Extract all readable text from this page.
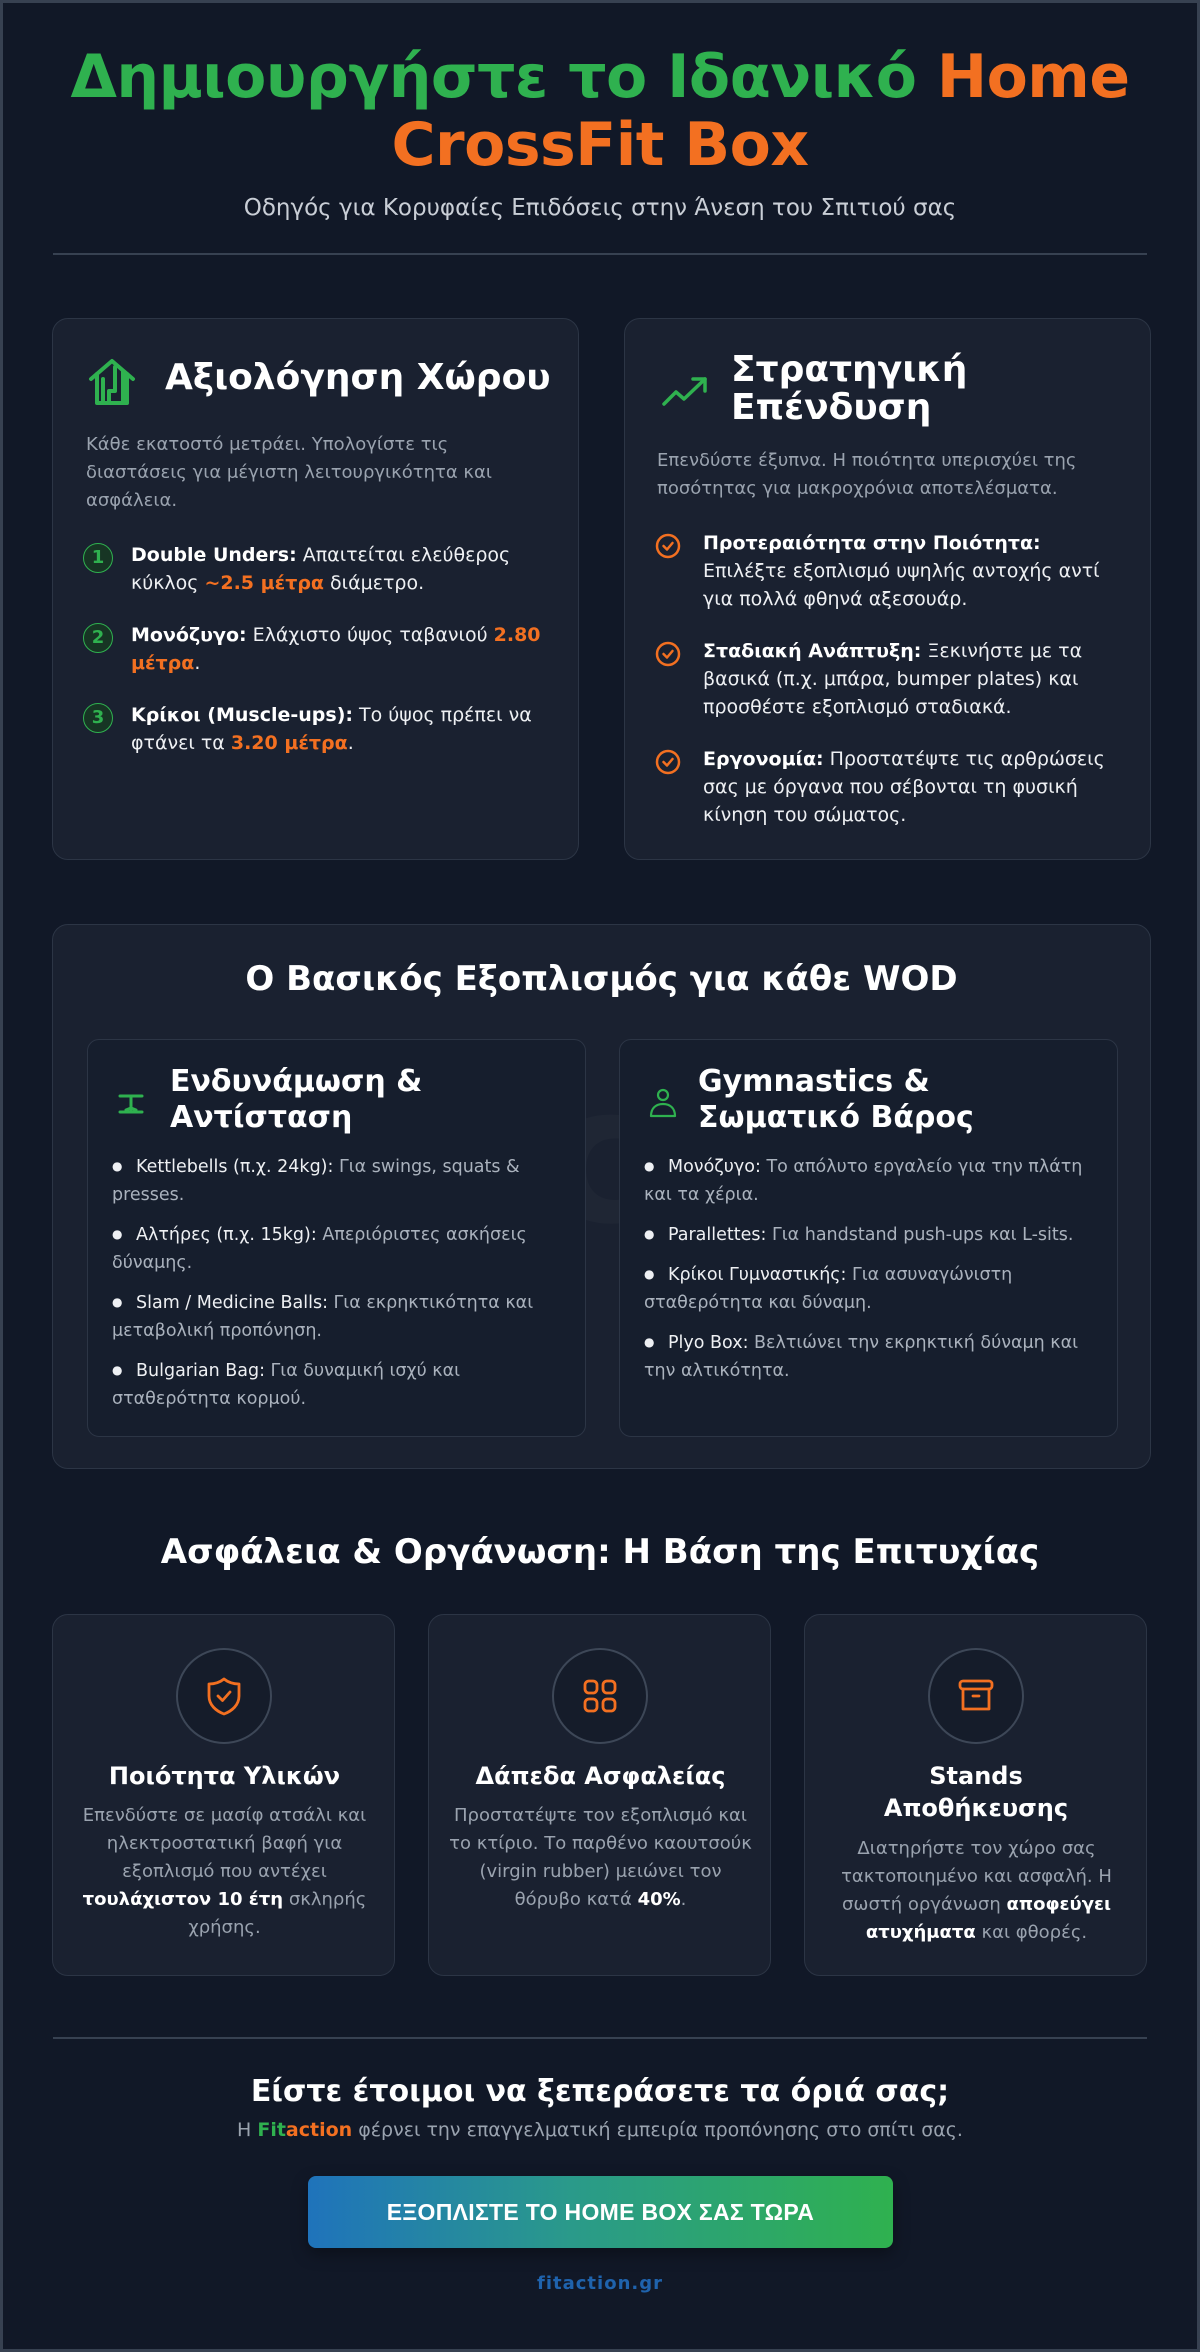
Δημιουργήστε το Ιδανικό Home
CrossFit Box
Οδηγός για Κορυφαίες Επιδόσεις στην Άνεση του Σπιτιού σας
Αξιολόγηση Χώρου
Κάθε εκατοστό μετράει. Υπολογίστε τις διαστάσεις για μέγιστη λειτουργικότητα και ασφάλεια.
1	Double Unders: Απαιτείται ελεύθερος κύκλος ~2.5 μέτρα διάμετρο.
2	Μονόζυγο: Ελάχιστο ύψος ταβανιού 2.80 μέτρα.
3	Κρίκοι (Muscle-ups): Το ύψος πρέπει να φτάνει τα 3.20 μέτρα.
Στρατηγική
Επένδυση
Επενδύστε έξυπνα. Η ποιότητα υπερισχύει της ποσότητας για μακροχρόνια αποτελέσματα.
Προτεραιότητα στην Ποιότητα: Επιλέξτε εξοπλισμό υψηλής αντοχής αντί για πολλά φθηνά αξεσουάρ.
Σταδιακή Ανάπτυξη: Ξεκινήστε με τα βασικά (π.χ. μπάρα, bumper plates) και προσθέστε εξοπλισμό σταδιακά.
Εργονομία: Προστατέψτε τις αρθρώσεις σας με όργανα που σέβονται τη φυσική κίνηση του σώματος.
Ο Βασικός Εξοπλισμός για κάθε WOD
Ενδυνάμωση &
Αντίσταση
● Kettlebells (π.χ. 24kg): Για swings, squats & presses.
● Αλτήρες (π.χ. 15kg): Απεριόριστες ασκήσεις δύναμης.
● Slam / Medicine Balls: Για εκρηκτικότητα και μεταβολική προπόνηση.
● Bulgarian Bag: Για δυναμική ισχύ και σταθερότητα κορμού.
Gymnastics &
Σωματικό Βάρος
● Μονόζυγο: Το απόλυτο εργαλείο για την πλάτη και τα χέρια.
● Parallettes: Για handstand push-ups και L-sits.
● Κρίκοι Γυμναστικής: Για ασυναγώνιστη σταθερότητα και δύναμη.
● Plyo Box: Βελτιώνει την εκρηκτική δύναμη και την αλτικότητα.
Ασφάλεια & Οργάνωση: Η Βάση της Επιτυχίας
Ποιότητα Υλικών
Επενδύστε σε μασίφ ατσάλι και ηλεκτροστατική βαφή για εξοπλισμό που αντέχει τουλάχιστον 10 έτη σκληρής χρήσης.
Δάπεδα Ασφαλείας
Προστατέψτε τον εξοπλισμό και το κτίριο. Το παρθένο καουτσούκ (virgin rubber) μειώνει τον θόρυβο κατά 40%.
Stands Αποθήκευσης
Διατηρήστε τον χώρο σας τακτοποιημένο και ασφαλή. Η σωστή οργάνωση αποφεύγει ατυχήματα και φθορές.
Είστε έτοιμοι να ξεπεράσετε τα όριά σας;
Η Fitaction φέρνει την επαγγελματική εμπειρία προπόνησης στο σπίτι σας.
ΕΞΟΠΛΙΣΤΕ ΤΟ HOME BOX ΣΑΣ ΤΩΡΑ
fitaction.gr
